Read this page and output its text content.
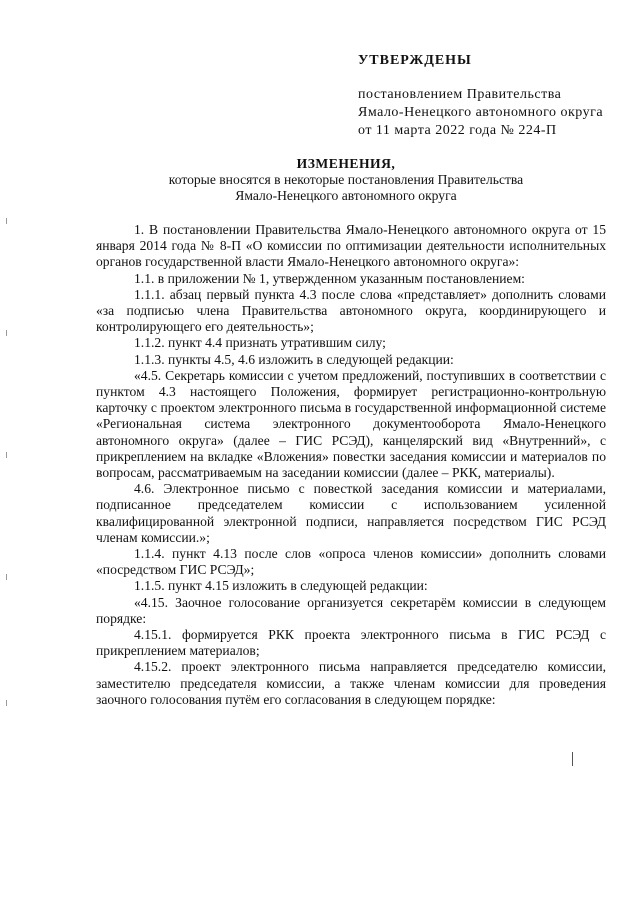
УТВЕРЖДЕНЫ
постановлением Правительства
Ямало-Ненецкого автономного округа
от 11 марта 2022 года № 224-П
ИЗМЕНЕНИЯ,
которые вносятся в некоторые постановления Правительства
Ямало-Ненецкого автономного округа

1. В постановлении Правительства Ямало-Ненецкого автономного округа от 15 января 2014 года № 8-П «О комиссии по оптимизации деятельности исполнительных органов государственной власти Ямало-Ненецкого автономного округа»:

1.1. в приложении № 1, утвержденном указанным постановлением:

1.1.1. абзац первый пункта 4.3 после слова «представляет» дополнить словами «за подписью члена Правительства автономного округа, координирующего и контролирующего его деятельность»;

1.1.2. пункт 4.4 признать утратившим силу;

1.1.3. пункты 4.5, 4.6 изложить в следующей редакции:

«4.5. Секретарь комиссии с учетом предложений, поступивших в соответствии с пунктом 4.3 настоящего Положения, формирует регистрационно-контрольную карточку с проектом электронного письма в государственной информационной системе «Региональная система электронного документооборота Ямало-Ненецкого автономного округа» (далее – ГИС РСЭД), канцелярский вид «Внутренний», с прикреплением на вкладке «Вложения» повестки заседания комиссии и материалов по вопросам, рассматриваемым на заседании комиссии (далее – РКК, материалы).

4.6. Электронное письмо с повесткой заседания комиссии и материалами, подписанное председателем комиссии с использованием усиленной квалифицированной электронной подписи, направляется посредством ГИС РСЭД членам комиссии.»;

1.1.4. пункт 4.13 после слов «опроса членов комиссии» дополнить словами «посредством ГИС РСЭД»;

1.1.5. пункт 4.15 изложить в следующей редакции:

«4.15. Заочное голосование организуется секретарём комиссии в следующем порядке:

4.15.1. формируется РКК проекта электронного письма в ГИС РСЭД с прикреплением материалов;

4.15.2. проект электронного письма направляется председателю комиссии, заместителю председателя комиссии, а также членам комиссии для проведения заочного голосования путём его согласования в следующем порядке:
